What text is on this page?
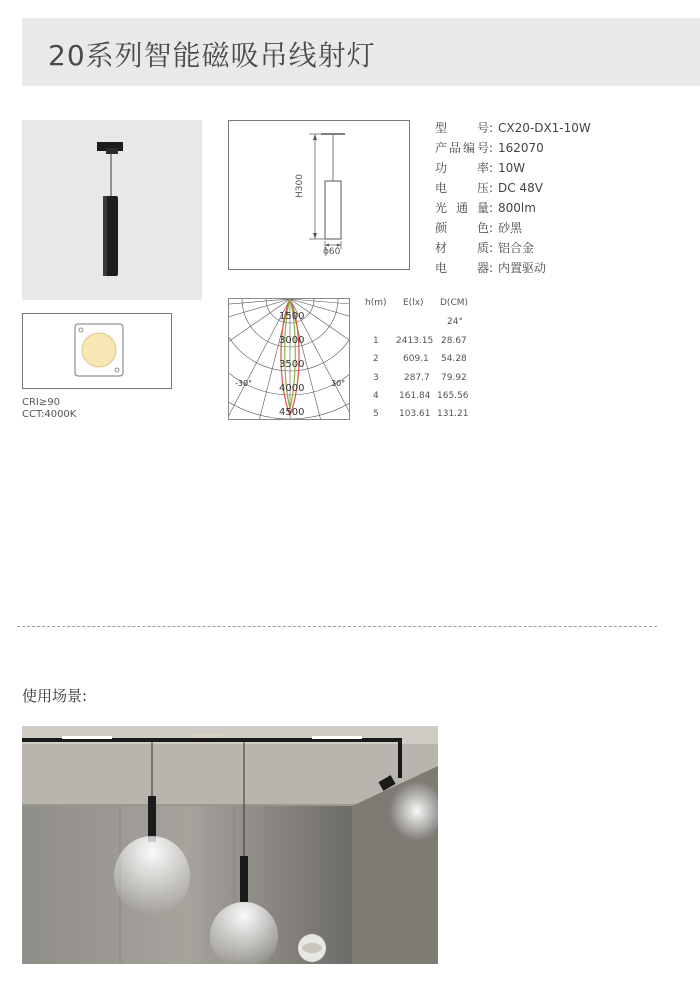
20系列智能磁吸吊线射灯
H300
ϕ60
型号: CX20-DX1-10W
产品编号: 162070
功率: 10W
电压: DC 48V
光通量: 800lm
颜色: 砂黑
材质: 铝合金
电器: 内置驱动
CRI≥90
CCT:4000K
1500
3000
3500
4000
4500
-30°	30°
h(m) E(lx) D(CM)
24°
1 2413.15 28.67
2	609.1 54.28
3	287.7 79.92
4 161.84 165.56
5 103.61 131.21
使用场景:
